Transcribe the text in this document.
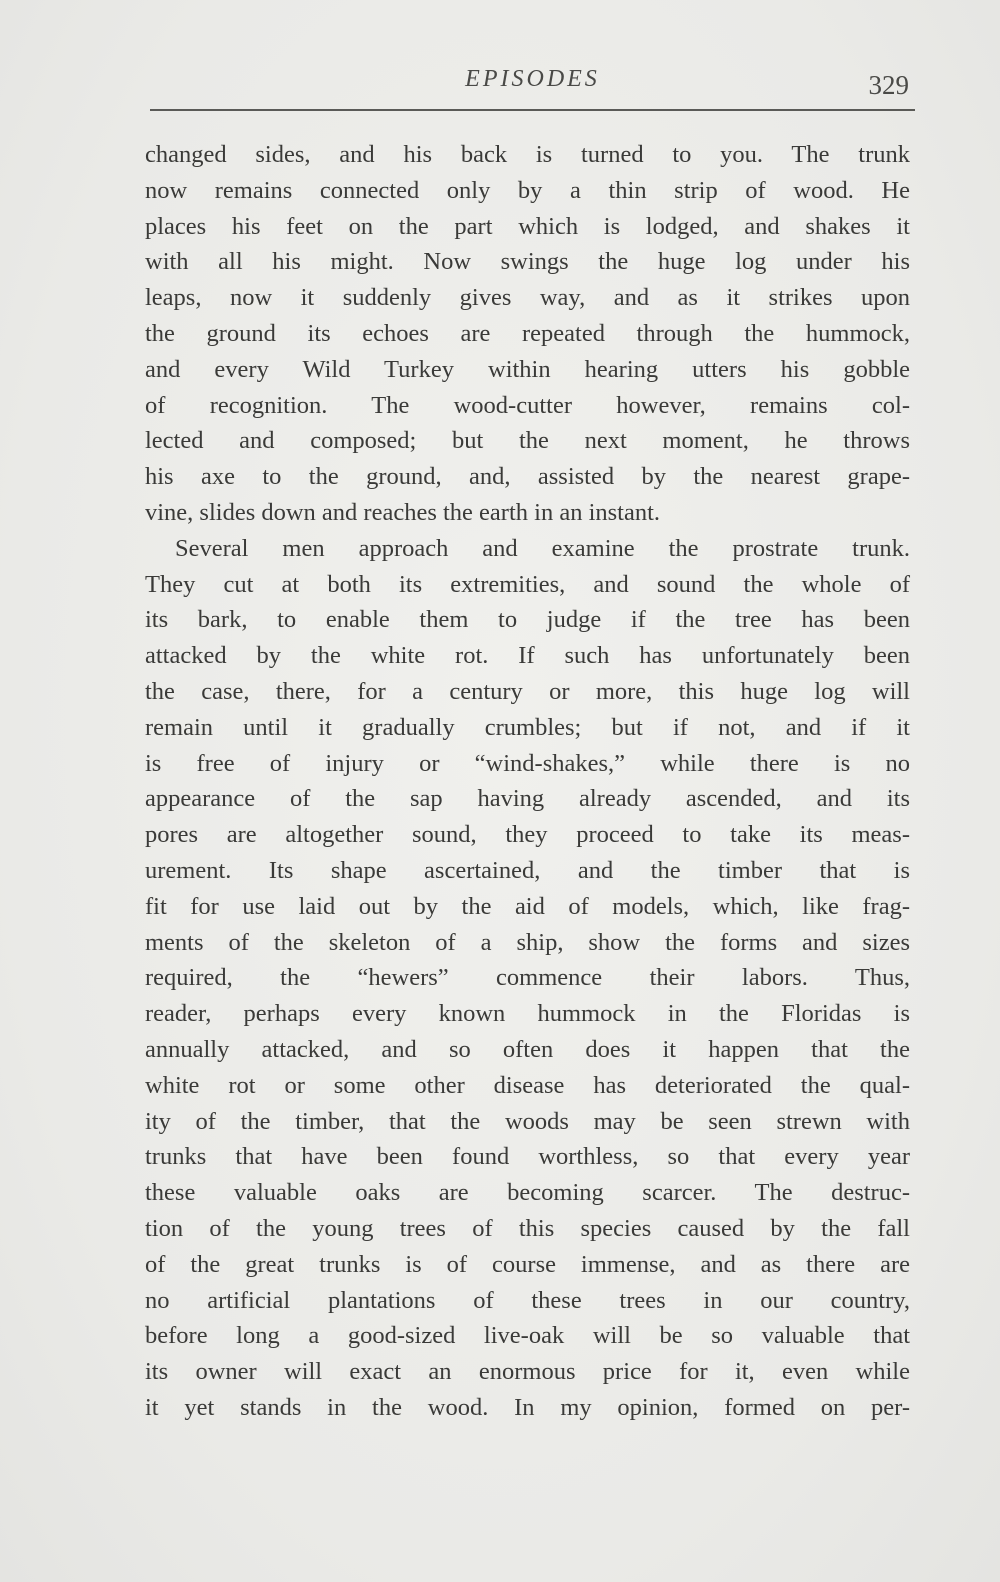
EPISODES	329
changed sides, and his back is turned to you. The trunk
now remains connected only by a thin strip of wood. He
places his feet on the part which is lodged, and shakes it
with all his might. Now swings the huge log under his
leaps, now it suddenly gives way, and as it strikes upon
the ground its echoes are repeated through the hummock,
and every Wild Turkey within hearing utters his gobble
of recognition. The wood-cutter however, remains col-
lected and composed; but the next moment, he throws
his axe to the ground, and, assisted by the nearest grape-
vine, slides down and reaches the earth in an instant.
Several men approach and examine the prostrate trunk.
They cut at both its extremities, and sound the whole of
its bark, to enable them to judge if the tree has been
attacked by the white rot. If such has unfortunately been
the case, there, for a century or more, this huge log will
remain until it gradually crumbles; but if not, and if it
is free of injury or “wind-shakes,” while there is no
appearance of the sap having already ascended, and its
pores are altogether sound, they proceed to take its meas-
urement. Its shape ascertained, and the timber that is
fit for use laid out by the aid of models, which, like frag-
ments of the skeleton of a ship, show the forms and sizes
required, the “hewers” commence their labors. Thus,
reader, perhaps every known hummock in the Floridas is
annually attacked, and so often does it happen that the
white rot or some other disease has deteriorated the qual-
ity of the timber, that the woods may be seen strewn with
trunks that have been found worthless, so that every year
these valuable oaks are becoming scarcer. The destruc-
tion of the young trees of this species caused by the fall
of the great trunks is of course immense, and as there are
no artificial plantations of these trees in our country,
before long a good-sized live-oak will be so valuable that
its owner will exact an enormous price for it, even while
it yet stands in the wood. In my opinion, formed on per-
